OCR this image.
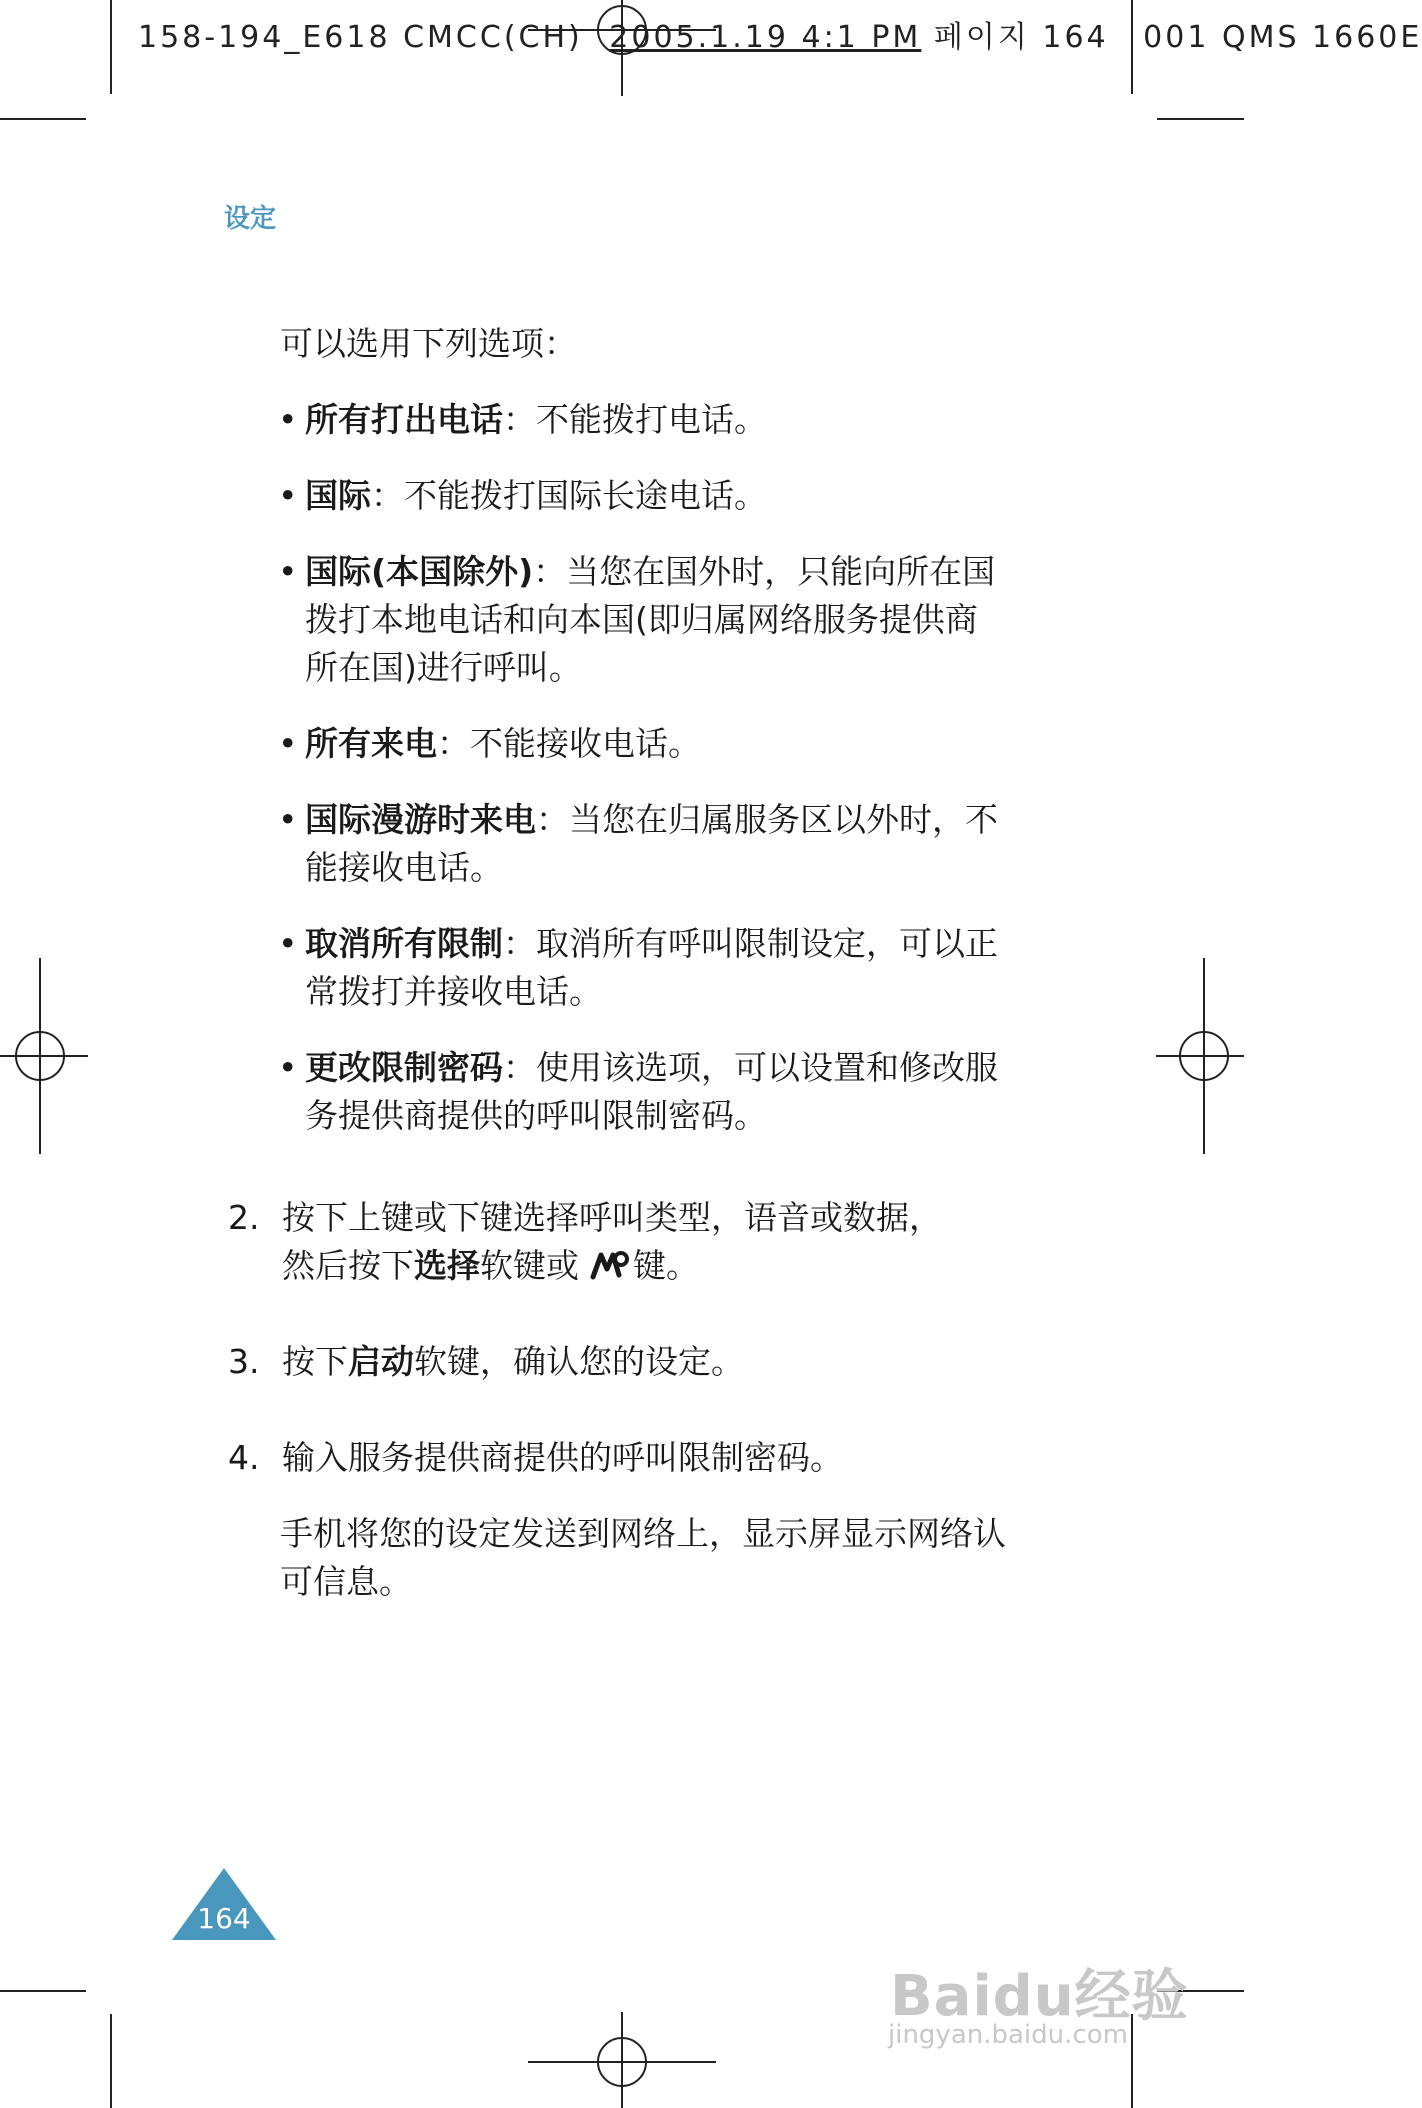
158-194_E618 CMCC(CH) 2005.1.19 4:1 PM 페이지 164 001 QMS 1660E
设定
可以选用下列选项：
• 所有打出电话：不能拨打电话。
• 国际：不能拨打国际长途电话。
• 国际(本国除外)：当您在国外时，只能向所在国拨打本地电话和向本国(即归属网络服务提供商所在国)进行呼叫。
• 所有来电：不能接收电话。
• 国际漫游时来电：当您在归属服务区以外时，不能接收电话。
• 取消所有限制：取消所有呼叫限制设定，可以正常拨打并接收电话。
• 更改限制密码：使用该选项，可以设置和修改服务提供商提供的呼叫限制密码。
2. 按下上键或下键选择呼叫类型，语音或数据，
然后按下选择软键或 键。
3. 按下启动软键，确认您的设定。
4. 输入服务提供商提供的呼叫限制密码。
手机将您的设定发送到网络上，显示屏显示网络认可信息。
164
Baidu经验
jingyan.baidu.com
